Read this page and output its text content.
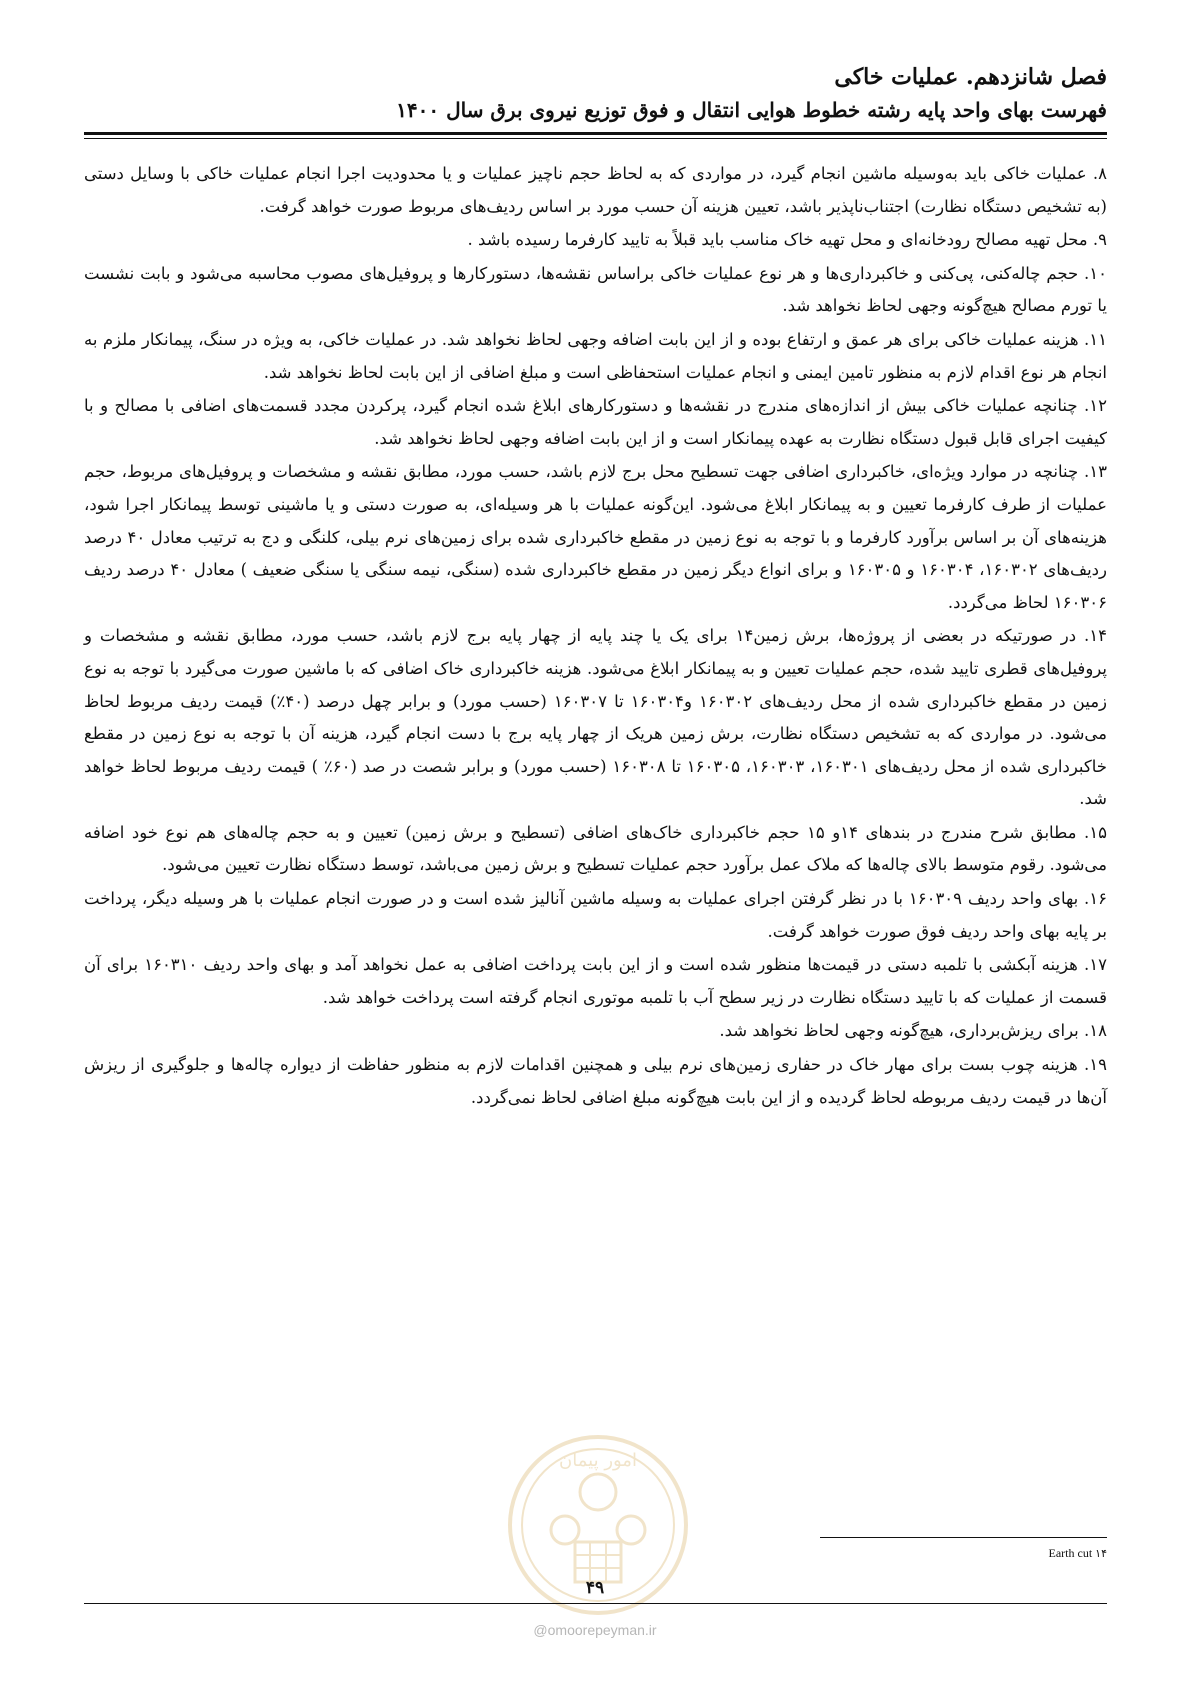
فصل شانزدهم. عملیات خاکی
فهرست بهای واحد پایه رشته خطوط هوایی انتقال و فوق توزیع نیروی برق سال ۱۴۰۰

۸. عملیات خاکی باید به‌وسیله ماشین انجام گیرد، در مواردی که به لحاظ حجم ناچیز عملیات و یا محدودیت اجرا انجام عملیات خاکی با وسایل دستی (به تشخیص دستگاه نظارت) اجتناب‌ناپذیر باشد، تعیین هزینه آن حسب مورد بر اساس ردیف‌های مربوط صورت خواهد گرفت.

۹. محل تهیه مصالح رودخانه‌ای و محل تهیه خاک مناسب باید قبلاً به تایید کارفرما رسیده باشد .

۱۰. حجم چاله‌کنی، پی‌کنی و خاکبرداری‌ها و هر نوع عملیات خاکی براساس نقشه‌ها، دستورکارها و پروفیل‌های مصوب محاسبه می‌شود و بابت نشست یا تورم مصالح هیچ‌گونه وجهی لحاظ نخواهد شد.

۱۱. هزینه عملیات خاکی برای هر عمق و ارتفاع بوده و از این بابت اضافه وجهی لحاظ نخواهد شد. در عملیات خاکی، به ویژه در سنگ، پیمانکار ملزم به انجام هر نوع اقدام لازم به منظور تامین ایمنی و انجام عملیات استحفاظی است و مبلغ اضافی از این بابت لحاظ نخواهد شد.

۱۲. چنانچه عملیات خاکی بیش از اندازه‌های مندرج در نقشه‌ها و دستورکارهای ابلاغ شده انجام گیرد، پرکردن مجدد قسمت‌های اضافی با مصالح و با کیفیت اجرای قابل قبول دستگاه نظارت به عهده پیمانکار است و از این بابت اضافه وجهی لحاظ نخواهد شد.

۱۳. چنانچه در موارد ویژه‌ای، خاکبرداری اضافی جهت تسطیح محل برج لازم باشد، حسب مورد، مطابق نقشه و مشخصات و پروفیل‌های مربوط، حجم عملیات از طرف کارفرما تعیین و به پیمانکار ابلاغ می‌شود. این‌گونه عملیات با هر وسیله‌ای، به صورت دستی و یا ماشینی توسط پیمانکار اجرا شود، هزینه‌های آن بر اساس برآورد کارفرما و با توجه به نوع زمین در مقطع خاکبرداری شده برای زمین‌های نرم بیلی، کلنگی و دج به ترتیب معادل ۴۰ درصد ردیف‌های ۱۶۰۳۰۲، ۱۶۰۳۰۴ و ۱۶۰۳۰۵ و برای انواع دیگر زمین در مقطع خاکبرداری شده (سنگی، نیمه سنگی یا سنگی ضعیف ) معادل ۴۰ درصد ردیف ۱۶۰۳۰۶ لحاظ می‌گردد.

۱۴. در صورتیکه در بعضی از پروژه‌ها، برش زمین۱۴ برای یک یا چند پایه از چهار پایه برج لازم باشد، حسب مورد، مطابق نقشه و مشخصات و پروفیل‌های قطری تایید شده، حجم عملیات تعیین و به پیمانکار ابلاغ می‌شود. هزینه خاکبرداری خاک اضافی که با ماشین صورت می‌گیرد با توجه به نوع زمین در مقطع خاکبرداری شده از محل ردیف‌های ۱۶۰۳۰۲ و۱۶۰۳۰۴ تا ۱۶۰۳۰۷ (حسب مورد) و برابر چهل درصد (۴۰٪) قیمت ردیف مربوط لحاظ می‌شود. در مواردی که به تشخیص دستگاه نظارت، برش زمین هریک از چهار پایه برج با دست انجام گیرد، هزینه آن با توجه به نوع زمین در مقطع خاکبرداری شده از محل ردیف‌های ۱۶۰۳۰۱، ۱۶۰۳۰۳، ۱۶۰۳۰۵ تا ۱۶۰۳۰۸ (حسب مورد) و برابر شصت در صد (۶۰٪ ) قیمت ردیف مربوط لحاظ خواهد شد.

۱۵. مطابق شرح مندرج در بندهای ۱۴و ۱۵ حجم خاکبرداری خاک‌های اضافی (تسطیح و برش زمین) تعیین و به حجم چاله‌های هم نوع خود اضافه می‌شود. رقوم متوسط بالای چاله‌ها که ملاک عمل برآورد حجم عملیات تسطیح و برش زمین می‌باشد، توسط دستگاه نظارت تعیین می‌شود.

۱۶. بهای واحد ردیف ۱۶۰۳۰۹ با در نظر گرفتن اجرای عملیات به وسیله ماشین آنالیز شده است و در صورت انجام عملیات با هر وسیله دیگر، پرداخت بر پایه بهای واحد ردیف فوق صورت خواهد گرفت.

۱۷. هزینه آبکشی با تلمبه دستی در قیمت‌ها منظور شده است و از این بابت پرداخت اضافی به عمل نخواهد آمد و بهای واحد ردیف ۱۶۰۳۱۰ برای آن قسمت از عملیات که با تایید دستگاه نظارت در زیر سطح آب با تلمبه موتوری انجام گرفته است پرداخت خواهد شد.

۱۸. برای ریزش‌برداری، هیچ‌گونه وجهی لحاظ نخواهد شد.

۱۹. هزینه چوب بست برای مهار خاک در حفاری زمین‌های نرم بیلی و همچنین اقدامات لازم به منظور حفاظت از دیواره چاله‌ها و جلوگیری از ریزش آن‌ها در قیمت ردیف مربوطه لحاظ گردیده و از این بابت هیچ‌گونه مبلغ اضافی لحاظ نمی‌گردد.

امور پیمان
۱۴ Earth cut
۴۹
@omoorepeyman.ir
